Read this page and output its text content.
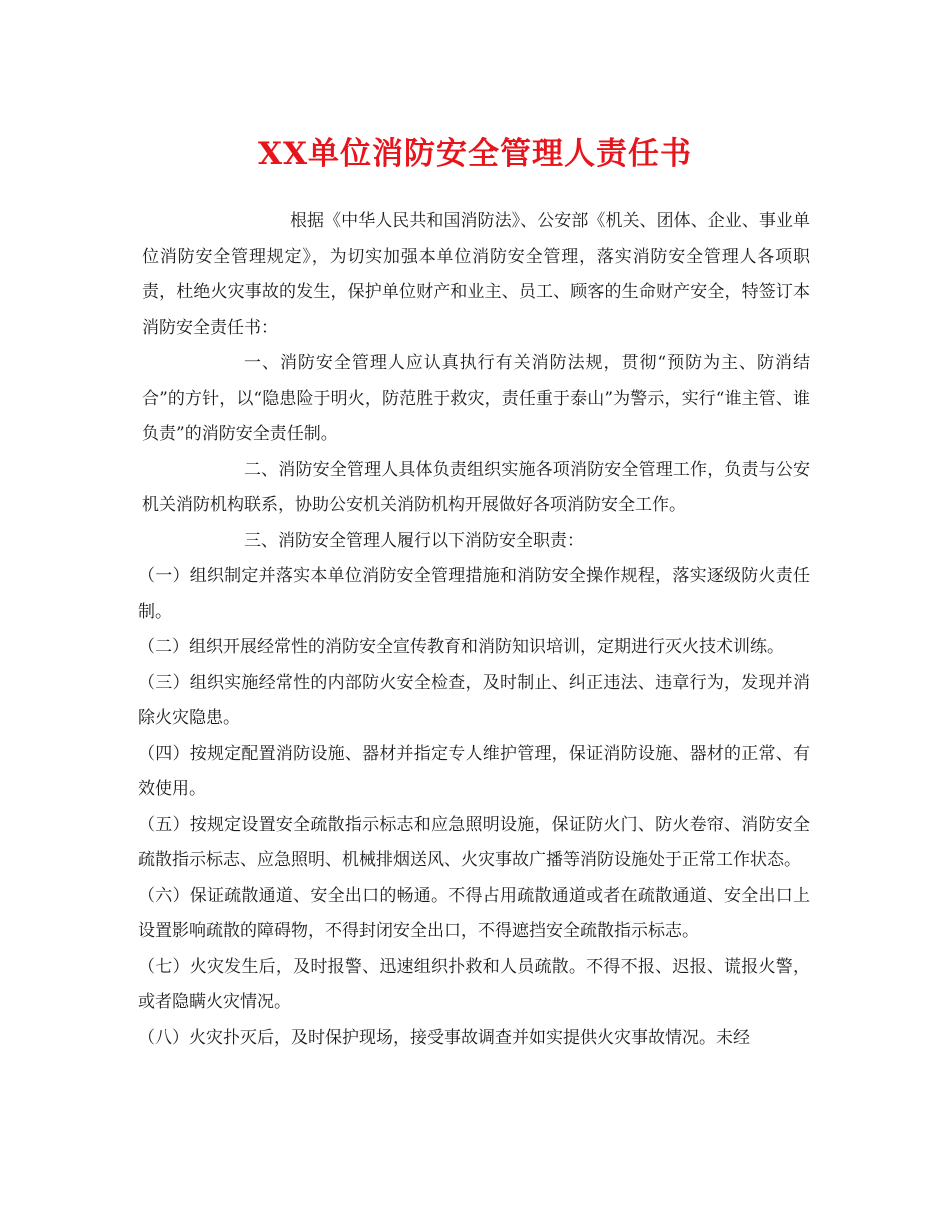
XX单位消防安全管理人责任书

根据《中华人民共和国消防法》、公安部《机关、团体、企业、事业单位消防安全管理规定》，为切实加强本单位消防安全管理，落实消防安全管理人各项职责，杜绝火灾事故的发生，保护单位财产和业主、员工、顾客的生命财产安全，特签订本消防安全责任书：

一、消防安全管理人应认真执行有关消防法规，贯彻“预防为主、防消结合”的方针，以“隐患险于明火，防范胜于救灾，责任重于泰山”为警示，实行“谁主管、谁负责”的消防安全责任制。

二、消防安全管理人具体负责组织实施各项消防安全管理工作，负责与公安机关消防机构联系，协助公安机关消防机构开展做好各项消防安全工作。

三、消防安全管理人履行以下消防安全职责：

（一）组织制定并落实本单位消防安全管理措施和消防安全操作规程，落实逐级防火责任制。

（二）组织开展经常性的消防安全宣传教育和消防知识培训，定期进行灭火技术训练。

（三）组织实施经常性的内部防火安全检查，及时制止、纠正违法、违章行为，发现并消除火灾隐患。

（四）按规定配置消防设施、器材并指定专人维护管理，保证消防设施、器材的正常、有效使用。

（五）按规定设置安全疏散指示标志和应急照明设施，保证防火门、防火卷帘、消防安全疏散指示标志、应急照明、机械排烟送风、火灾事故广播等消防设施处于正常工作状态。

（六）保证疏散通道、安全出口的畅通。不得占用疏散通道或者在疏散通道、安全出口上设置影响疏散的障碍物，不得封闭安全出口，不得遮挡安全疏散指示标志。

（七）火灾发生后，及时报警、迅速组织扑救和人员疏散。不得不报、迟报、谎报火警，或者隐瞒火灾情况。

（八）火灾扑灭后，及时保护现场，接受事故调查并如实提供火灾事故情况。未经
